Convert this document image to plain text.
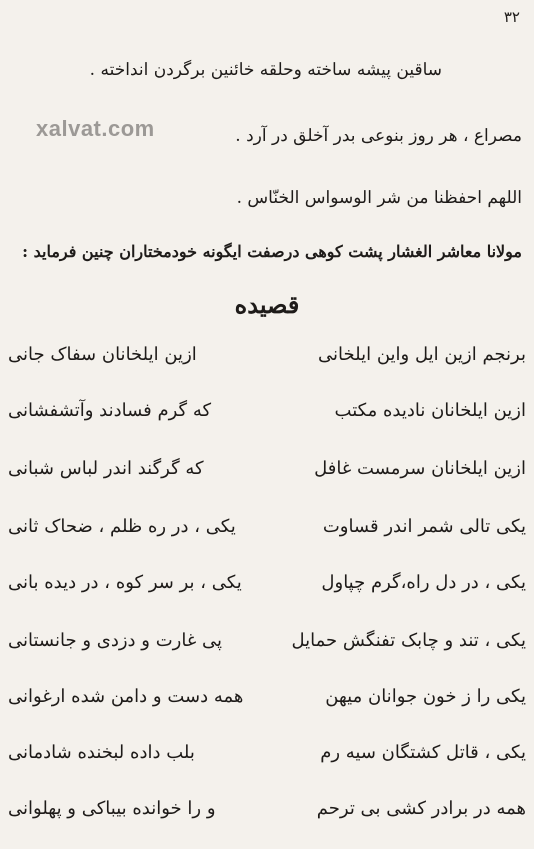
۳۲
ساقین پیشه ساخته وحلقه خائنین برگردن انداخته .
xalvat.com	مصراع ، هر روز بنوعی بدر آخلق در آرد .
اللهم احفظنا من شر الوسواس الخنّاس .
مولانا معاشر الغشار پشت کوهی درصفت ایگونه خودمختاران چنین فرماید :
قصیده
برنجم ازین ایل واین ایلخانی
ازین ایلخانان سفاک جانی
ازین ایلخانان نادیده مکتب
که گرم فسادند وآتشفشانی
ازین ایلخانان سرمست غافل
که گرگند اندر لباس شبانی
یکی تالی شمر اندر قساوت
یکی ، در ره ظلم ، ضحاک ثانی
یکی ، در دل راه،گرم چپاول
یکی ، بر سر کوه ، در دیده بانی
یکی ، تند و چابک تفنگش حمایل
پی غارت و دزدی و جانستانی
یکی را ز خون جوانان میهن
همه دست و دامن شده ارغوانی
یکی ، قاتل کشتگان سیه رم
بلب داده لبخنده شادمانی
همه در برادر کشی بی ترحم
و را خوانده بیباکی و پهلوانی
